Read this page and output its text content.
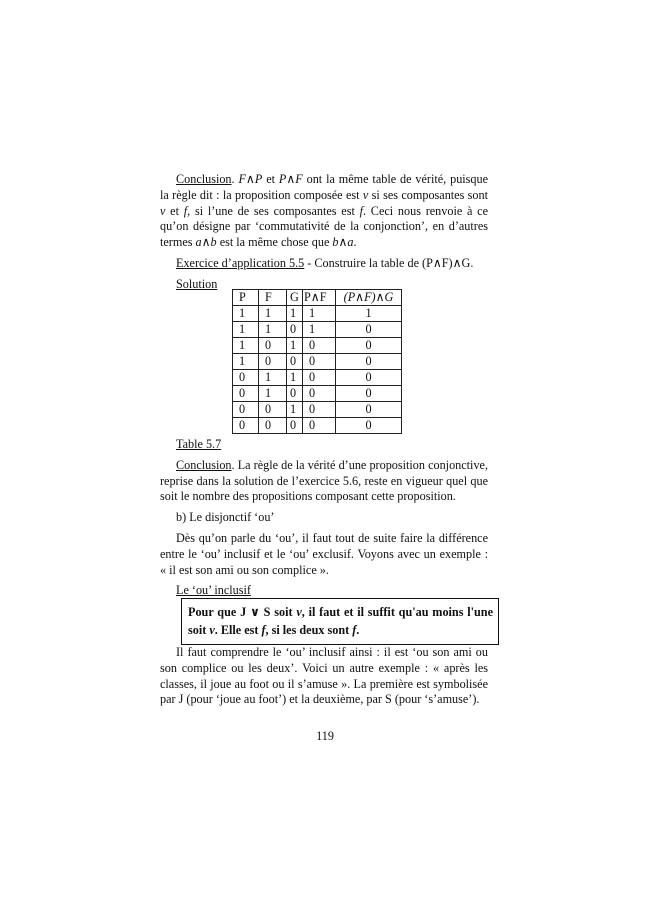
Conclusion. F∧P et P∧F ont la même table de vérité, puisque la règle dit : la proposition composée est v si ses composantes sont v et f, si l’une de ses composantes est f. Ceci nous renvoie à ce qu’on désigne par ‘commutativité de la conjonction’, en d’autres termes a∧b est la même chose que b∧a.

Exercice d’application 5.5 - Construire la table de (P∧F)∧G.

Solution

P	F	G	P∧F	(P∧F)∧G
1	1	1	1	1
1	1	0	1	0
1	0	1	0	0
1	0	0	0	0
0	1	1	0	0
0	1	0	0	0
0	0	1	0	0
0	0	0	0	0

Table 5.7

Conclusion. La règle de la vérité d’une proposition conjonctive, reprise dans la solution de l’exercice 5.6, reste en vigueur quel que soit le nombre des propositions composant cette proposition.

b) Le disjonctif ‘ou’

Dès qu’on parle du ‘ou’, il faut tout de suite faire la différence entre le ‘ou’ inclusif et le ‘ou’ exclusif. Voyons avec un exemple : « il est son ami ou son complice ».

Le ‘ou’ inclusif

Pour que J ∨ S soit v, il faut et il suffit qu'au moins l'une soit v. Elle est f, si les deux sont f.

Il faut comprendre le ‘ou’ inclusif ainsi : il est ‘ou son ami ou son complice ou les deux’. Voici un autre exemple : « après les classes, il joue au foot ou il s’amuse ». La première est symbolisée par J (pour ‘joue au foot’) et la deuxième, par S (pour ‘s’amuse’).

119
